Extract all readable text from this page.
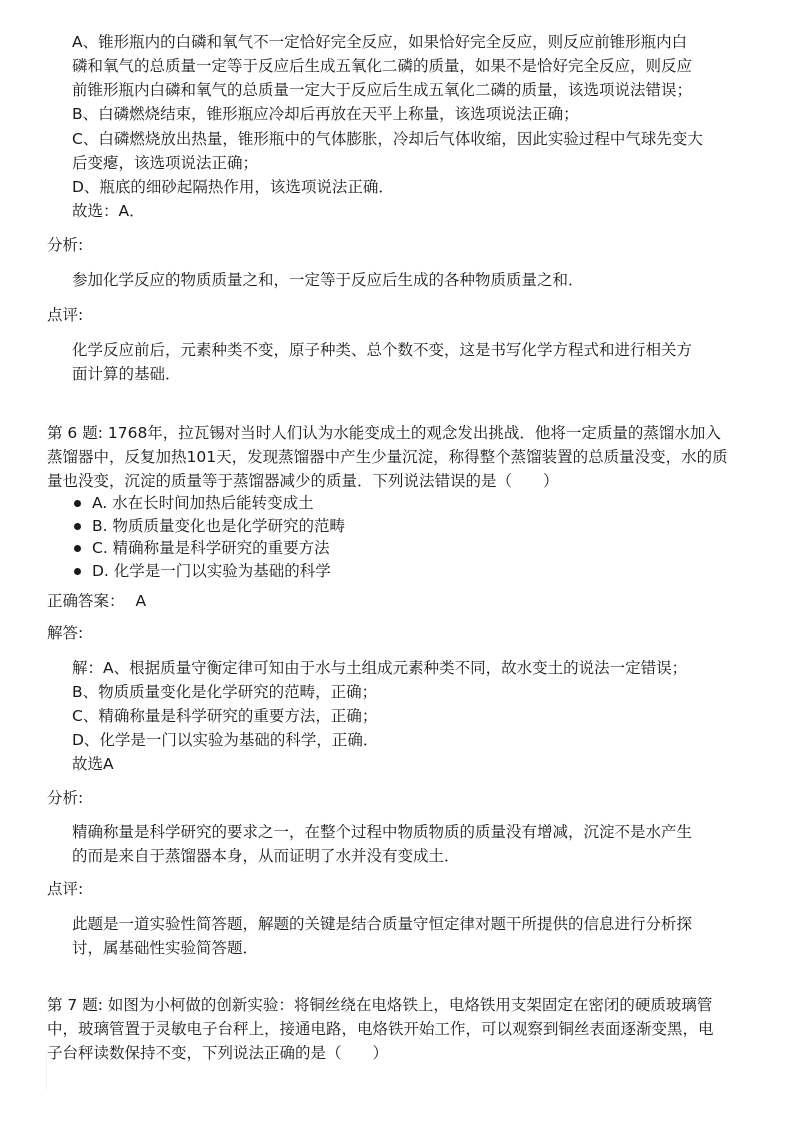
A、锥形瓶内的白磷和氧气不一定恰好完全反应，如果恰好完全反应，则反应前锥形瓶内白
磷和氧气的总质量一定等于反应后生成五氧化二磷的质量，如果不是恰好完全反应，则反应
前锥形瓶内白磷和氧气的总质量一定大于反应后生成五氧化二磷的质量，该选项说法错误；
B、白磷燃烧结束，锥形瓶应冷却后再放在天平上称量，该选项说法正确；
C、白磷燃烧放出热量，锥形瓶中的气体膨胀，冷却后气体收缩，因此实验过程中气球先变大
后变瘪，该选项说法正确；
D、瓶底的细砂起隔热作用，该选项说法正确．
故选：A．
分析:
参加化学反应的物质质量之和，一定等于反应后生成的各种物质质量之和．
点评:
化学反应前后，元素种类不变，原子种类、总个数不变，这是书写化学方程式和进行相关方
面计算的基础．
第 6 题: 1768年，拉瓦锡对当时人们认为水能变成土的观念发出挑战．他将一定质量的蒸馏水加入
蒸馏器中，反复加热101天，发现蒸馏器中产生少量沉淀，称得整个蒸馏装置的总质量没变，水的质
量也没变，沉淀的质量等于蒸馏器减少的质量．下列说法错误的是（　　）
A. 水在长时间加热后能转变成土
B. 物质质量变化也是化学研究的范畴
C. 精确称量是科学研究的重要方法
D. 化学是一门以实验为基础的科学
正确答案： A
解答:
解：A、根据质量守衡定律可知由于水与土组成元素种类不同，故水变土的说法一定错误；
B、物质质量变化是化学研究的范畴，正确；
C、精确称量是科学研究的重要方法，正确；
D、化学是一门以实验为基础的科学，正确．
故选A
分析:
精确称量是科学研究的要求之一，在整个过程中物质物质的质量没有增减，沉淀不是水产生
的而是来自于蒸馏器本身，从而证明了水并没有变成土．
点评:
此题是一道实验性简答题，解题的关键是结合质量守恒定律对题干所提供的信息进行分析探
讨，属基础性实验简答题．
第 7 题: 如图为小柯做的创新实验：将铜丝绕在电烙铁上，电烙铁用支架固定在密闭的硬质玻璃管
中，玻璃管置于灵敏电子台秤上，接通电路，电烙铁开始工作，可以观察到铜丝表面逐渐变黑，电
子台秤读数保持不变，下列说法正确的是（　　）
